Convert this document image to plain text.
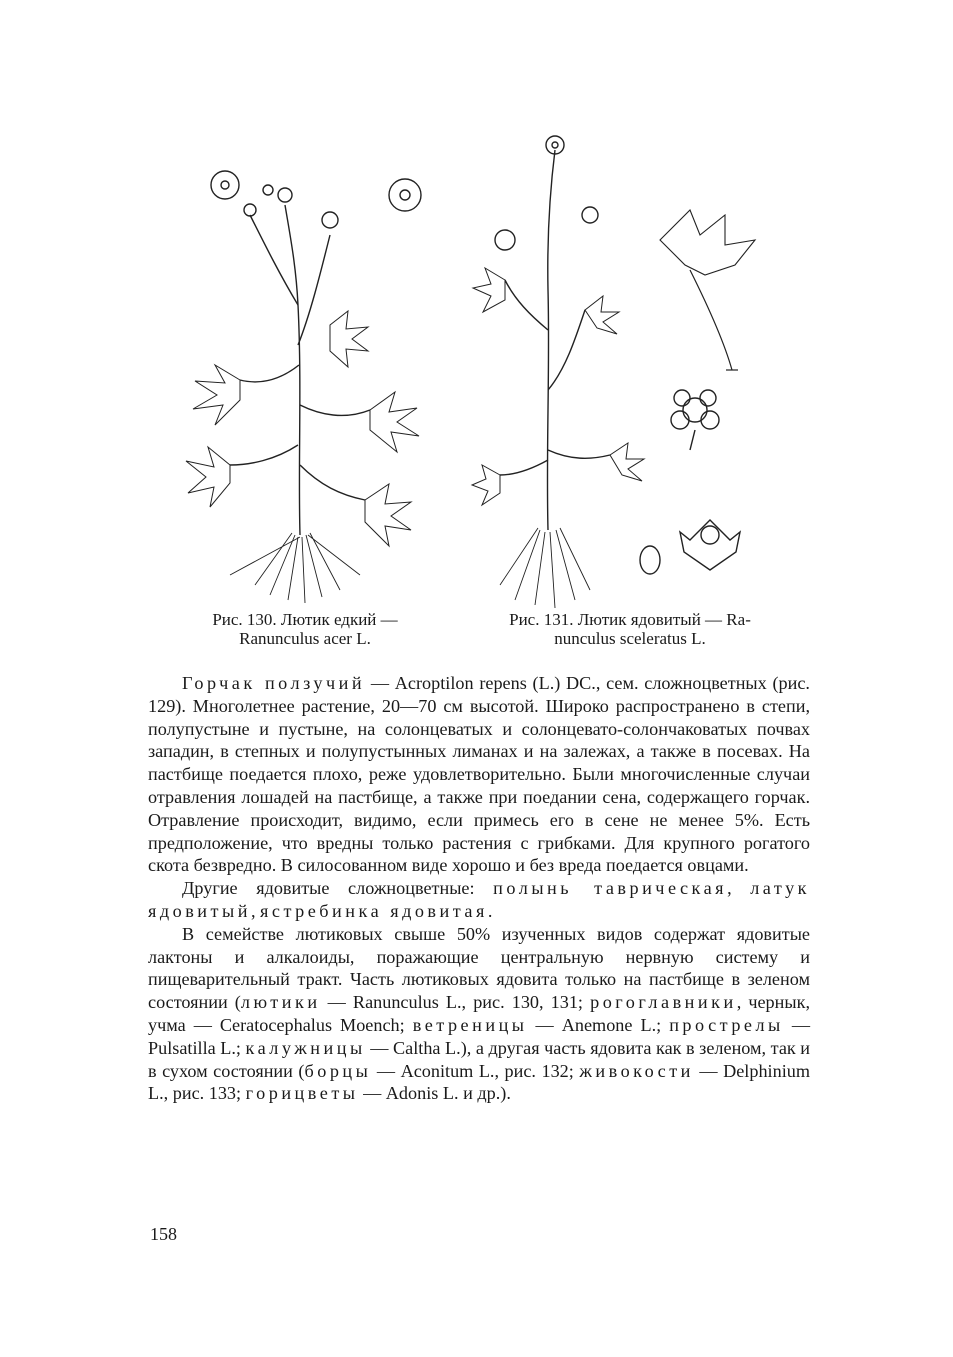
Рис. 130. Лютик едкий —
Ranunculus acer L.
Рис. 131. Лютик ядовитый — Ra-
nunculus sceleratus L.

Горчак ползучий — Acroptilon repens (L.) DC., сем. сложноцветных (рис. 129). Многолетнее растение, 20—70 см высотой. Широко распространено в степи, полупустыне и пустыне, на солонцеватых и солонцевато-солончаковатых почвах западин, в степных и полупустынных лиманах и на залежах, а также в посевах. На пастбище поедается плохо, реже удовлетворительно. Были многочисленные случаи отравления лошадей на пастбище, а также при поедании сена, содержащего горчак. Отравление происходит, видимо, если примесь его в сене не менее 5%. Есть предположение, что вредны только растения с грибками. Для крупного рогатого скота безвредно. В силосованном виде хорошо и без вреда поедается овцами.

Другие ядовитые сложноцветные: полынь таврическая, латук ядовитый, ястребинка ядовитая.

В семействе лютиковых свыше 50% изученных видов содержат ядовитые лактоны и алкалоиды, поражающие центральную нервную систему и пищеварительный тракт. Часть лютиковых ядовита только на пастбище в зеленом состоянии (лютики — Ranunculus L., рис. 130, 131; рогоглавники, чернык, учма — Ceratocephalus Moench; ветреницы — Anemone L.; прострелы — Pulsatilla L.; калужницы — Caltha L.), а другая часть ядовита как в зеленом, так и в сухом состоянии (борцы — Aconitum L., рис. 132; живокости — Delphinium L., рис. 133; горицветы — Adonis L. и др.).

158
